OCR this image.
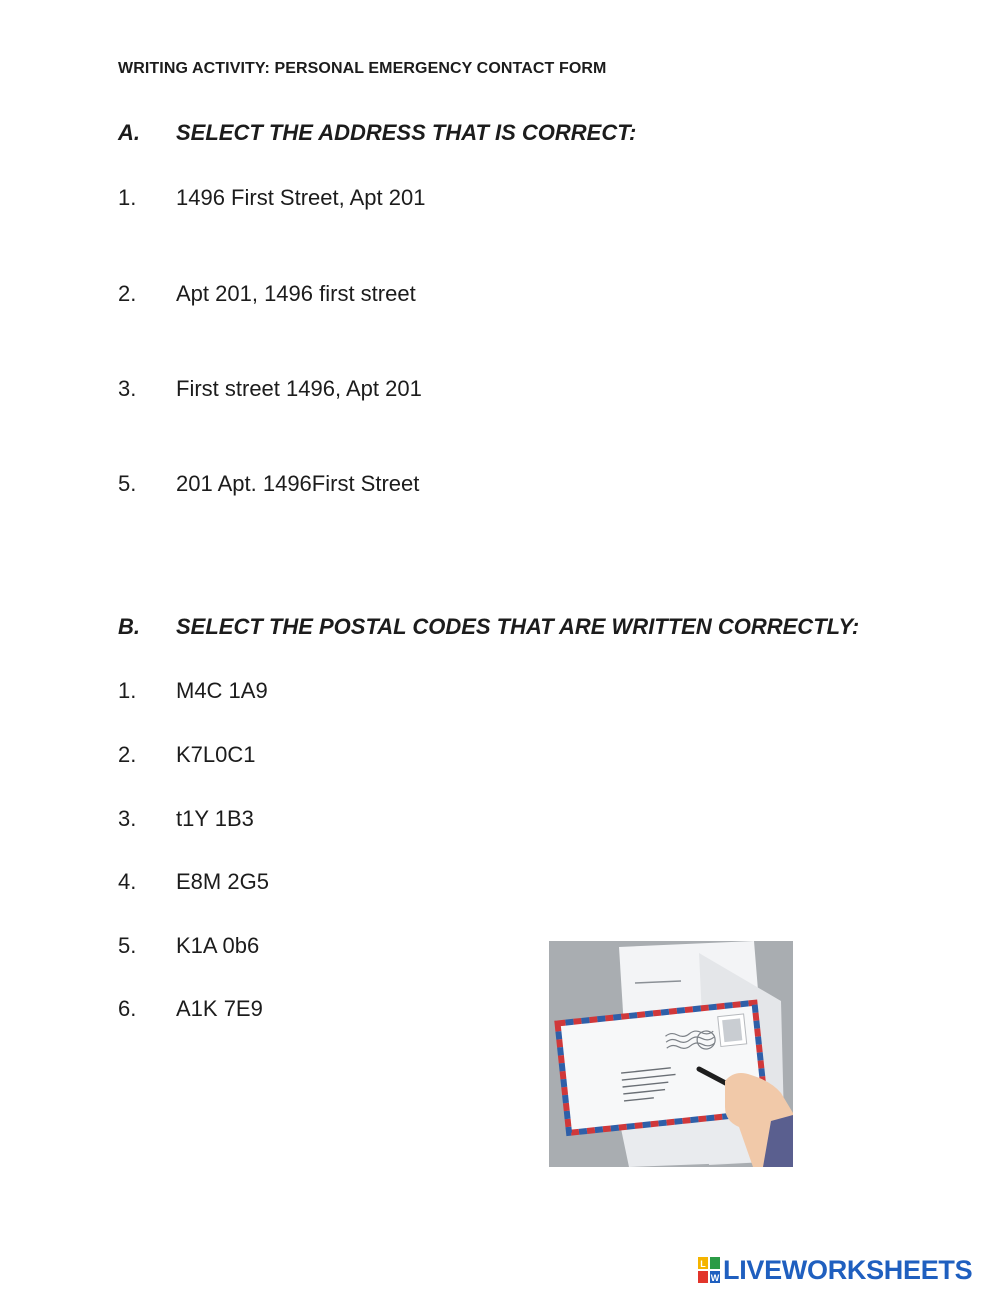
WRITING ACTIVITY: PERSONAL EMERGENCY CONTACT FORM
A. SELECT THE ADDRESS THAT IS CORRECT:
1. 1496 First Street, Apt 201
2. Apt 201, 1496 first street
3. First street 1496, Apt 201
5. 201 Apt. 1496First Street
B. SELECT THE POSTAL CODES THAT ARE WRITTEN CORRECTLY:
1. M4C 1A9
2. K7L0C1
3. t1Y 1B3
4. E8M 2G5
5. K1A 0b6
6. A1K 7E9
L
W LIVEWORKSHEETS
